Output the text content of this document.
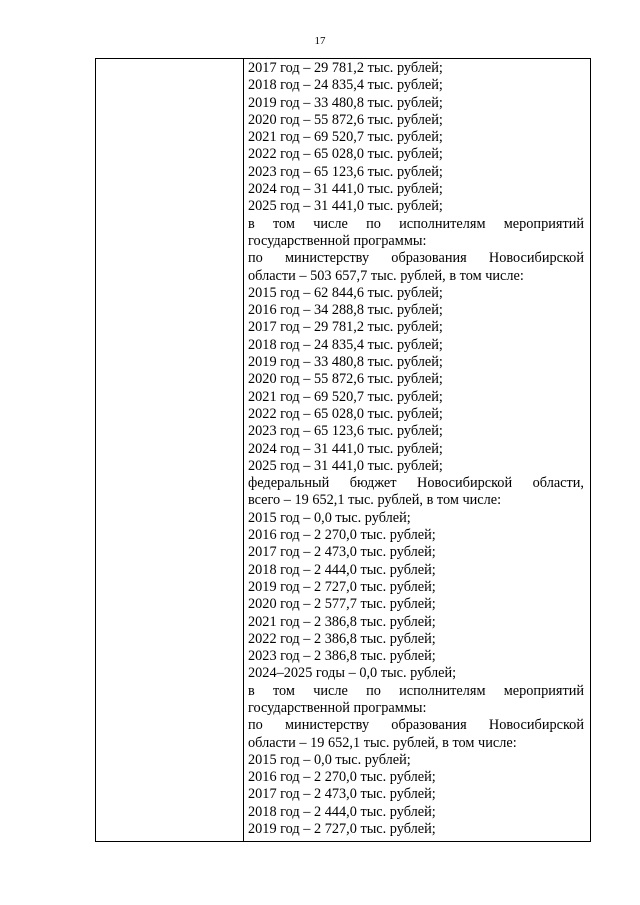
17
2017 год – 29 781,2 тыс. рублей;
2018 год – 24 835,4 тыс. рублей;
2019 год – 33 480,8 тыс. рублей;
2020 год – 55 872,6 тыс. рублей;
2021 год – 69 520,7 тыс. рублей;
2022 год – 65 028,0 тыс. рублей;
2023 год – 65 123,6 тыс. рублей;
2024 год – 31 441,0 тыс. рублей;
2025 год – 31 441,0 тыс. рублей;
в том числе по исполнителям мероприятий
государственной программы:
по министерству образования Новосибирской
области – 503 657,7 тыс. рублей, в том числе:
2015 год – 62 844,6 тыс. рублей;
2016 год – 34 288,8 тыс. рублей;
2017 год – 29 781,2 тыс. рублей;
2018 год – 24 835,4 тыс. рублей;
2019 год – 33 480,8 тыс. рублей;
2020 год – 55 872,6 тыс. рублей;
2021 год – 69 520,7 тыс. рублей;
2022 год – 65 028,0 тыс. рублей;
2023 год – 65 123,6 тыс. рублей;
2024 год – 31 441,0 тыс. рублей;
2025 год – 31 441,0 тыс. рублей;
федеральный бюджет Новосибирской области,
всего – 19 652,1 тыс. рублей, в том числе:
2015 год – 0,0 тыс. рублей;
2016 год – 2 270,0 тыс. рублей;
2017 год – 2 473,0 тыс. рублей;
2018 год – 2 444,0 тыс. рублей;
2019 год – 2 727,0 тыс. рублей;
2020 год – 2 577,7 тыс. рублей;
2021 год – 2 386,8 тыс. рублей;
2022 год – 2 386,8 тыс. рублей;
2023 год – 2 386,8 тыс. рублей;
2024–2025 годы – 0,0 тыс. рублей;
в том числе по исполнителям мероприятий
государственной программы:
по министерству образования Новосибирской
области – 19 652,1 тыс. рублей, в том числе:
2015 год – 0,0 тыс. рублей;
2016 год – 2 270,0 тыс. рублей;
2017 год – 2 473,0 тыс. рублей;
2018 год – 2 444,0 тыс. рублей;
2019 год – 2 727,0 тыс. рублей;
